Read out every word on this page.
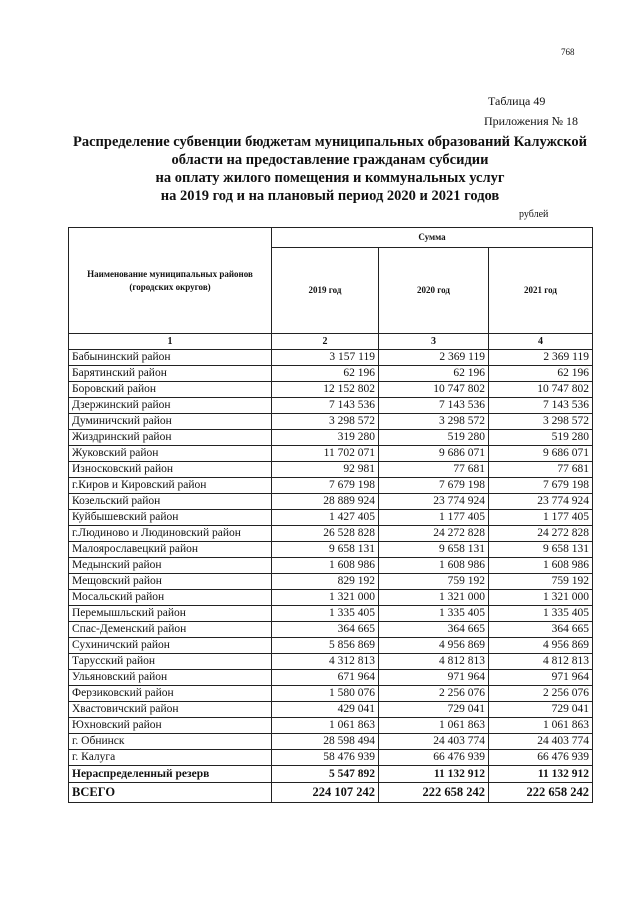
768
Таблица 49
Приложения № 18
Распределение субвенции бюджетам муниципальных образований Калужской
области на предоставление гражданам субсидии
на оплату жилого помещения и коммунальных услуг
на 2019 год и на плановый период 2020 и 2021 годов
рублей
Наименование муниципальных районов (городских округов)	Сумма		
	2019 год	2020 год	2021 год
1	2	3	4
Бабынинский район	3 157 119	2 369 119	2 369 119
Барятинский район	62 196	62 196	62 196
Боровский район	12 152 802	10 747 802	10 747 802
Дзержинский район	7 143 536	7 143 536	7 143 536
Думиничский район	3 298 572	3 298 572	3 298 572
Жиздринский район	319 280	519 280	519 280
Жуковский район	11 702 071	9 686 071	9 686 071
Износковский район	92 981	77 681	77 681
г.Киров и Кировский район	7 679 198	7 679 198	7 679 198
Козельский район	28 889 924	23 774 924	23 774 924
Куйбышевский район	1 427 405	1 177 405	1 177 405
г.Людиново и Людиновский район	26 528 828	24 272 828	24 272 828
Малоярославецкий район	9 658 131	9 658 131	9 658 131
Медынский район	1 608 986	1 608 986	1 608 986
Мещовский район	829 192	759 192	759 192
Мосальский район	1 321 000	1 321 000	1 321 000
Перемышльский район	1 335 405	1 335 405	1 335 405
Спас-Деменский район	364 665	364 665	364 665
Сухиничский район	5 856 869	4 956 869	4 956 869
Тарусский район	4 312 813	4 812 813	4 812 813
Ульяновский район	671 964	971 964	971 964
Ферзиковский район	1 580 076	2 256 076	2 256 076
Хвастовичский район	429 041	729 041	729 041
Юхновский район	1 061 863	1 061 863	1 061 863
г. Обнинск	28 598 494	24 403 774	24 403 774
г. Калуга	58 476 939	66 476 939	66 476 939
Нераспределенный резерв	5 547 892	11 132 912	11 132 912
ВСЕГО	224 107 242	222 658 242	222 658 242
